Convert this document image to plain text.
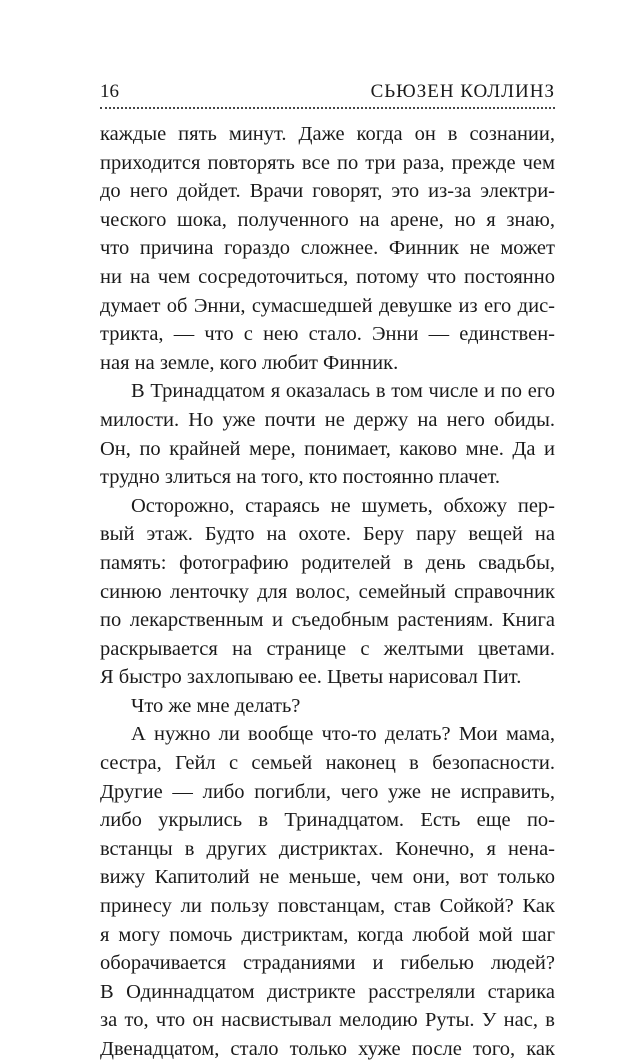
16	СЬЮЗЕН КОЛЛИНЗ
каждые пять минут. Даже когда он в сознании,
приходится повторять все по три раза, прежде чем
до него дойдет. Врачи говорят, это из-за электри-
ческого шока, полученного на арене, но я знаю,
что причина гораздо сложнее. Финник не может
ни на чем сосредоточиться, потому что постоянно
думает об Энни, сумасшедшей девушке из его дис-
трикта, — что с нею стало. Энни — единствен-
ная на земле, кого любит Финник.
В Тринадцатом я оказалась в том числе и по его
милости. Но уже почти не держу на него обиды.
Он, по крайней мере, понимает, каково мне. Да и
трудно злиться на того, кто постоянно плачет.
Осторожно, стараясь не шуметь, обхожу пер-
вый этаж. Будто на охоте. Беру пару вещей на
память: фотографию родителей в день свадьбы,
синюю ленточку для волос, семейный справочник
по лекарственным и съедобным растениям. Книга
раскрывается на странице с желтыми цветами.
Я быстро захлопываю ее. Цветы нарисовал Пит.
Что же мне делать?
А нужно ли вообще что-то делать? Мои мама,
сестра, Гейл с семьей наконец в безопасности.
Другие — либо погибли, чего уже не исправить,
либо укрылись в Тринадцатом. Есть еще по-
встанцы в других дистриктах. Конечно, я нена-
вижу Капитолий не меньше, чем они, вот только
принесу ли пользу повстанцам, став Сойкой? Как
я могу помочь дистриктам, когда любой мой шаг
оборачивается страданиями и гибелью людей?
В Одиннадцатом дистрикте расстреляли старика
за то, что он насвистывал мелодию Руты. У нас, в
Двенадцатом, стало только хуже после того, как
